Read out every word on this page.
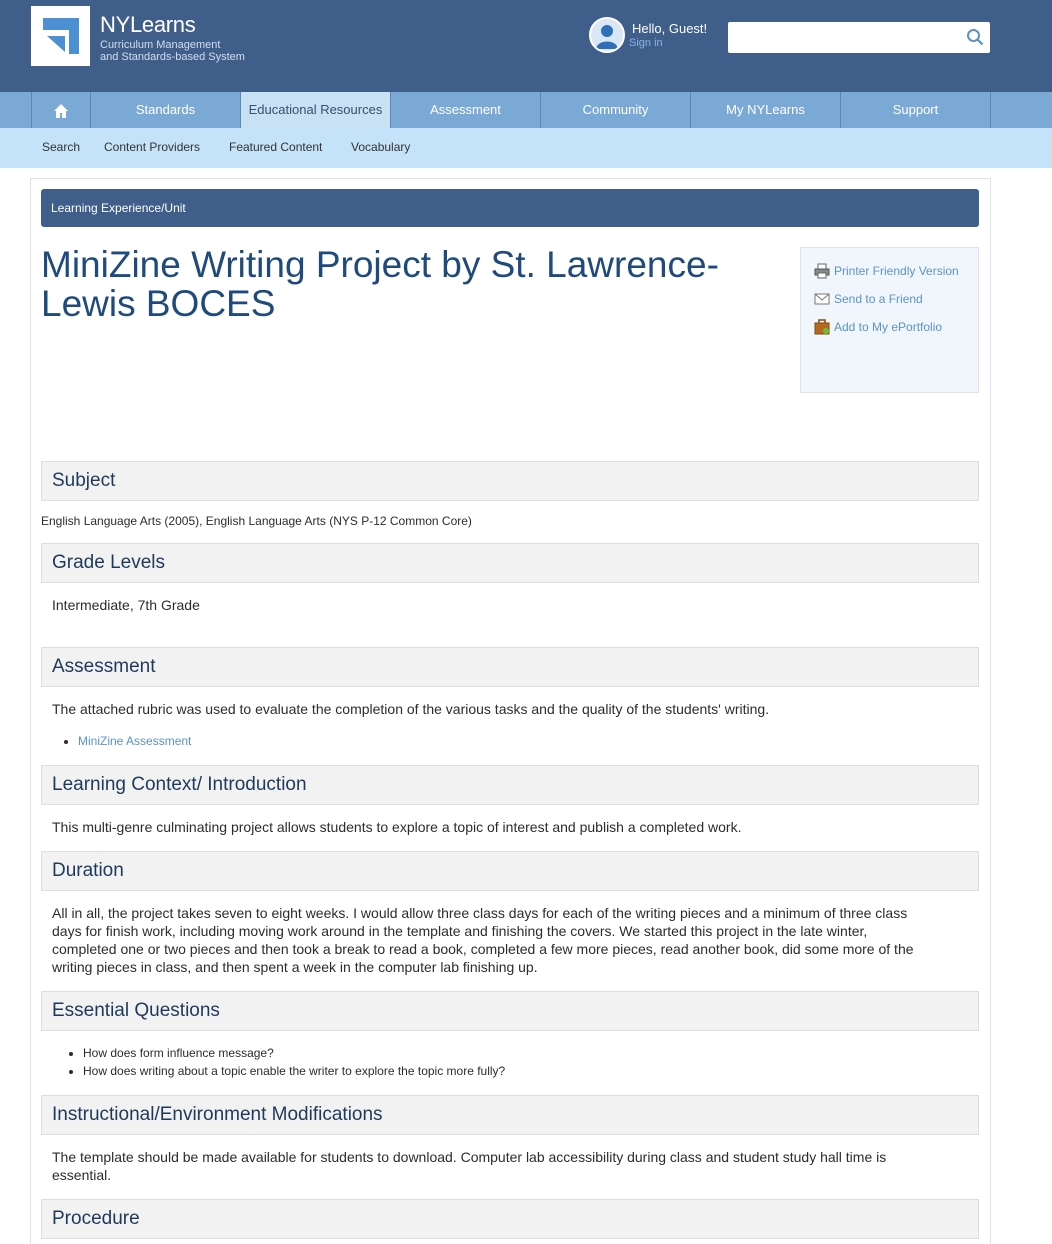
NYLearns
Curriculum Management
and Standards-based System
Hello, Guest!
Sign in
Standards	Educational Resources	Assessment	Community	My NYLearns	Support
Search Content Providers Featured Content Vocabulary
Learning Experience/Unit
MiniZine Writing Project by St. Lawrence-Lewis BOCES
Printer Friendly Version
Send to a Friend
Add to My ePortfolio
Subject
English Language Arts (2005), English Language Arts (NYS P-12 Common Core)
Grade Levels
Intermediate, 7th Grade
Assessment
The attached rubric was used to evaluate the completion of the various tasks and the quality of the students' writing.
• MiniZine Assessment
Learning Context/ Introduction
This multi-genre culminating project allows students to explore a topic of interest and publish a completed work.
Duration
All in all, the project takes seven to eight weeks. I would allow three class days for each of the writing pieces and a minimum of three class
days for finish work, including moving work around in the template and finishing the covers. We started this project in the late winter,
completed one or two pieces and then took a break to read a book, completed a few more pieces, read another book, did some more of the
writing pieces in class, and then spent a week in the computer lab finishing up.
Essential Questions
• How does form influence message?
• How does writing about a topic enable the writer to explore the topic more fully?
Instructional/Environment Modifications
The template should be made available for students to download. Computer lab accessibility during class and student study hall time is
essential.
Procedure
